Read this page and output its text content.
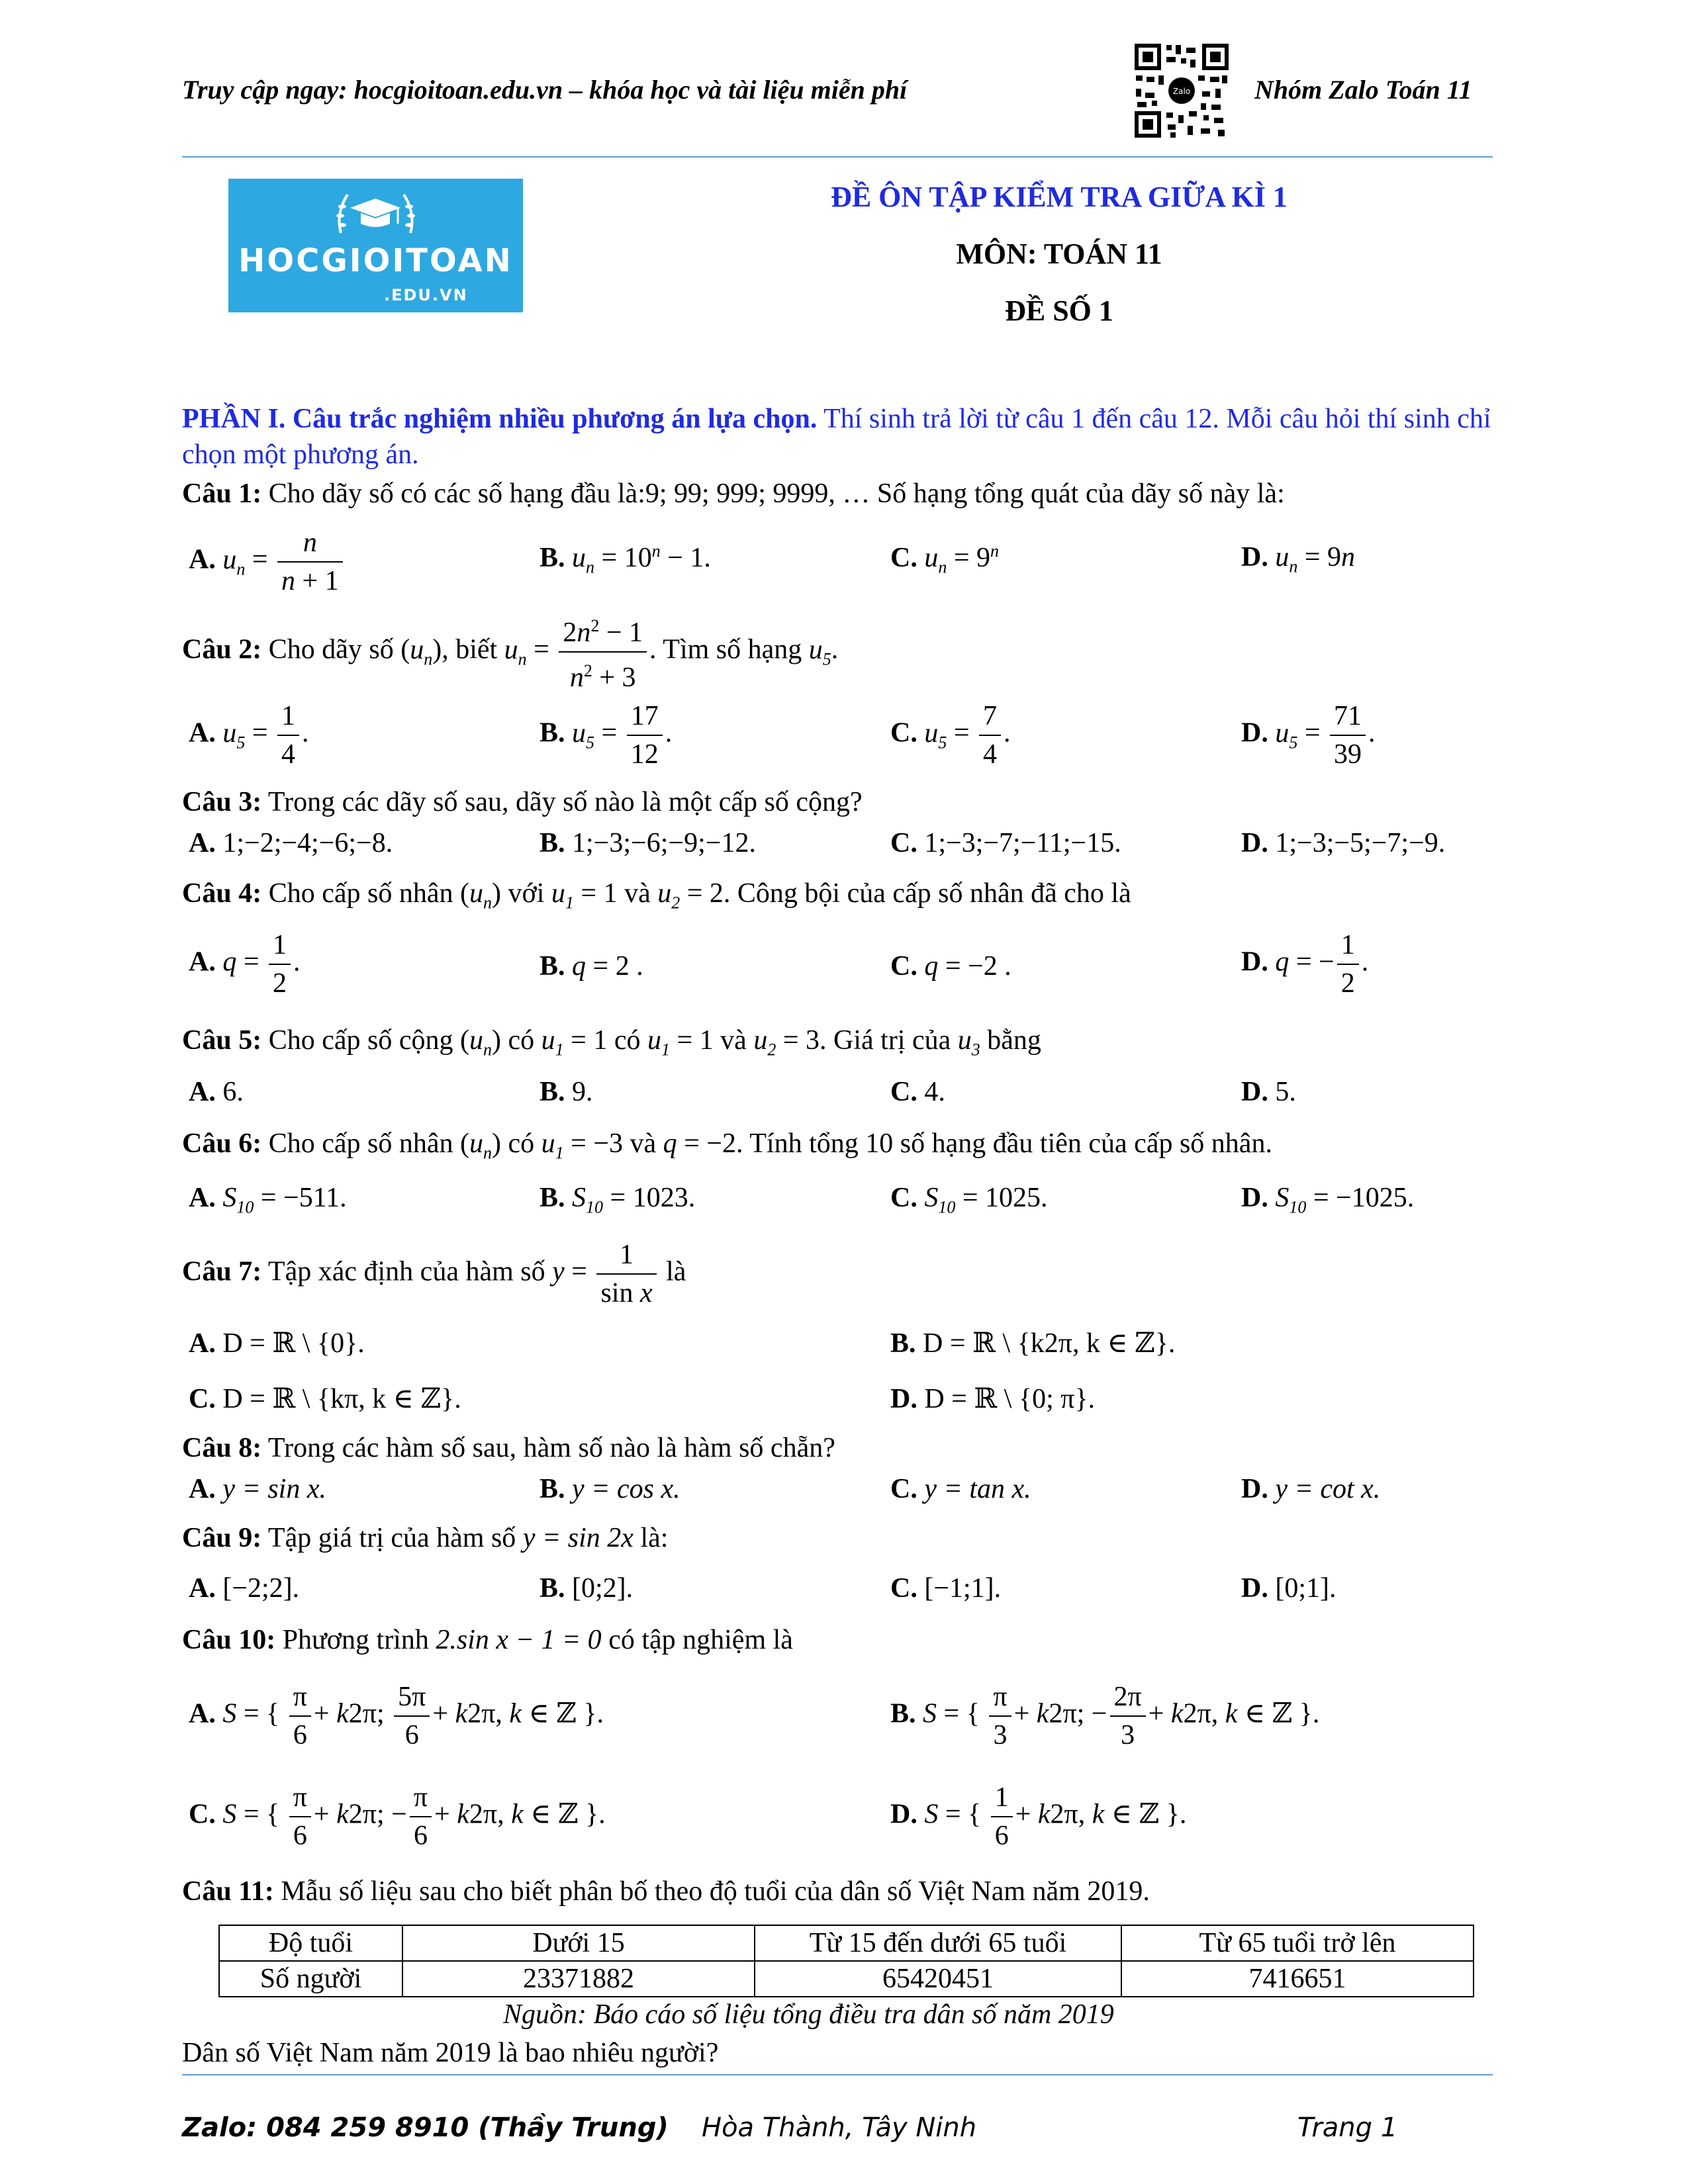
Truy cập ngay: hocgioitoan.edu.vn – khóa học và tài liệu miễn phí	Zalo Nhóm Zalo Toán 11
HOCGIOITOAN
.EDU.VN
ĐỀ ÔN TẬP KIỂM TRA GIỮA KÌ 1
MÔN: TOÁN 11
ĐỀ SỐ 1
PHẦN I. Câu trắc nghiệm nhiều phương án lựa chọn. Thí sinh trả lời từ câu 1 đến câu 12. Mỗi câu hỏi thí sinh chỉ chọn một phương án.
Câu 1: Cho dãy số có các số hạng đầu là:9; 99; 999; 9999, … Số hạng tổng quát của dãy số này là:
A. $u_n = \frac{n}{n + 1}$	B. $u_n = 10^n - 1$.	C. $u_n = 9^n$	D. $u_n = 9n$
Câu 2: Cho dãy số $(u_n)$, biết $u_n = \frac{2n^2 - 1}{n^2 + 3}$ . Tìm số hạng $u_5$.
A. $u_5 = \frac{1}{4}$ .	B. $u_5 = \frac{17}{12}$ .	C. $u_5 = \frac{7}{4}$ .	D. $u_5 = \frac{71}{39}$ .
Câu 3: Trong các dãy số sau, dãy số nào là một cấp số cộng?
A. 1;−2;−4;−6;−8.	B. 1;−3;−6;−9;−12.	C. 1;−3;−7;−11;−15.	D. 1;−3;−5;−7;−9.
Câu 4: Cho cấp số nhân $(u_n)$ với $u_1 = 1$ và $u_2 = 2$. Công bội của cấp số nhân đã cho là
A. $q = \frac{1}{2}$ .	B. q = 2 .	C. q = −2 .	D. q = − $\frac{1}{2}$ .
Câu 5: Cho cấp số cộng $(u_n)$ có $u_1 = 1$ có $u_1 = 1$ và $u_2 = 3$. Giá trị của $u_3$ bằng
A. 6.	B. 9.	C. 4.	D. 5.
Câu 6: Cho cấp số nhân $(u_n)$ có $u_1 = -3$ và q = −2. Tính tổng 10 số hạng đầu tiên của cấp số nhân.
A. $S_{10} = -511$.	B. $S_{10} = 1023$.	C. $S_{10} = 1025$.	D. $S_{10} = -1025$.
Câu 7: Tập xác định của hàm số $y = \frac{1}{\text{sin x}}$ là
A. D = ℝ \ {0}.	B. D = ℝ \ {k2π, k ∈ ℤ}.
C. D = ℝ \ {kπ, k ∈ ℤ}.	D. D = ℝ \ {0; π}.
Câu 8: Trong các hàm số sau, hàm số nào là hàm số chẵn?
A. y = sin x.	B. y = cos x.	C. y = tan x.	D. y = cot x.
Câu 9: Tập giá trị của hàm số y = sin 2x là:
A. [−2;2].	B. [0;2].	C. [−1;1].	D. [0;1].
Câu 10: Phương trình 2.sin x − 1 = 0 có tập nghiệm là
A. S = { $\frac{\pi}{6} + k2\pi$; $\frac{5\pi}{6} + k2\pi$, k ∈ ℤ }.	B. S = { $\frac{\pi}{3} + k2\pi$; − $\frac{2\pi}{3} + k2\pi$, k ∈ ℤ }.
C. S = { $\frac{\pi}{6} + k2\pi$; − $\frac{\pi}{6} + k2\pi$, k ∈ ℤ }.	D. S = { $\frac{1}{6} + k2\pi$, k ∈ ℤ }.
Câu 11: Mẫu số liệu sau cho biết phân bố theo độ tuổi của dân số Việt Nam năm 2019.
Độ tuổi	Dưới 15	Từ 15 đến dưới 65 tuổi	Từ 65 tuổi trở lên
Số người	23371882	65420451	7416651
Nguồn: Báo cáo số liệu tổng điều tra dân số năm 2019
Dân số Việt Nam năm 2019 là bao nhiêu người?
Zalo: 084 259 8910 (Thầy Trung) Hòa Thành, Tây Ninh	Trang 1
